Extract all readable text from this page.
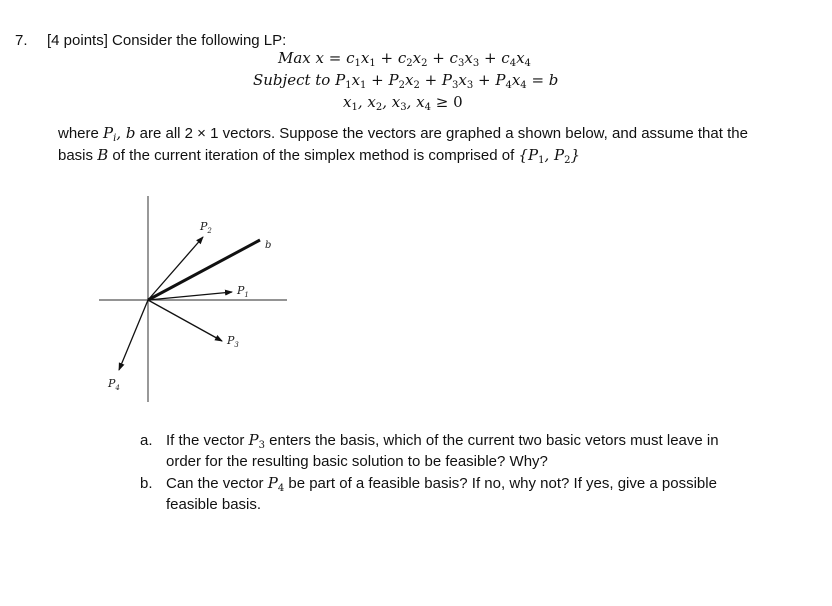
7. [4 points] Consider the following LP:
Max $x = c_1x_1 + c_2x_2 + c_3x_3 + c_4x_4$
Subject to $P_1x_1 + P_2x_2 + P_3x_3 + P_4x_4 = b$
$x_1$, $x_2$, $x_3$, $x_4 \ge 0$
where $P_i$, b are all 2 × 1 vectors. Suppose the vectors are graphed a shown below, and assume that the
basis B of the current iteration of the simplex method is comprised of {$P_1$, $P_2$}
$P_2$
b
$P_1$
$P_3$
$P_4$
a. If the vector $P_3$ enters the basis, which of the current two basic vetors must leave in
order for the resulting basic solution to be feasible? Why?
b. Can the vector $P_4$ be part of a feasible basis? If no, why not? If yes, give a possible
feasible basis.
